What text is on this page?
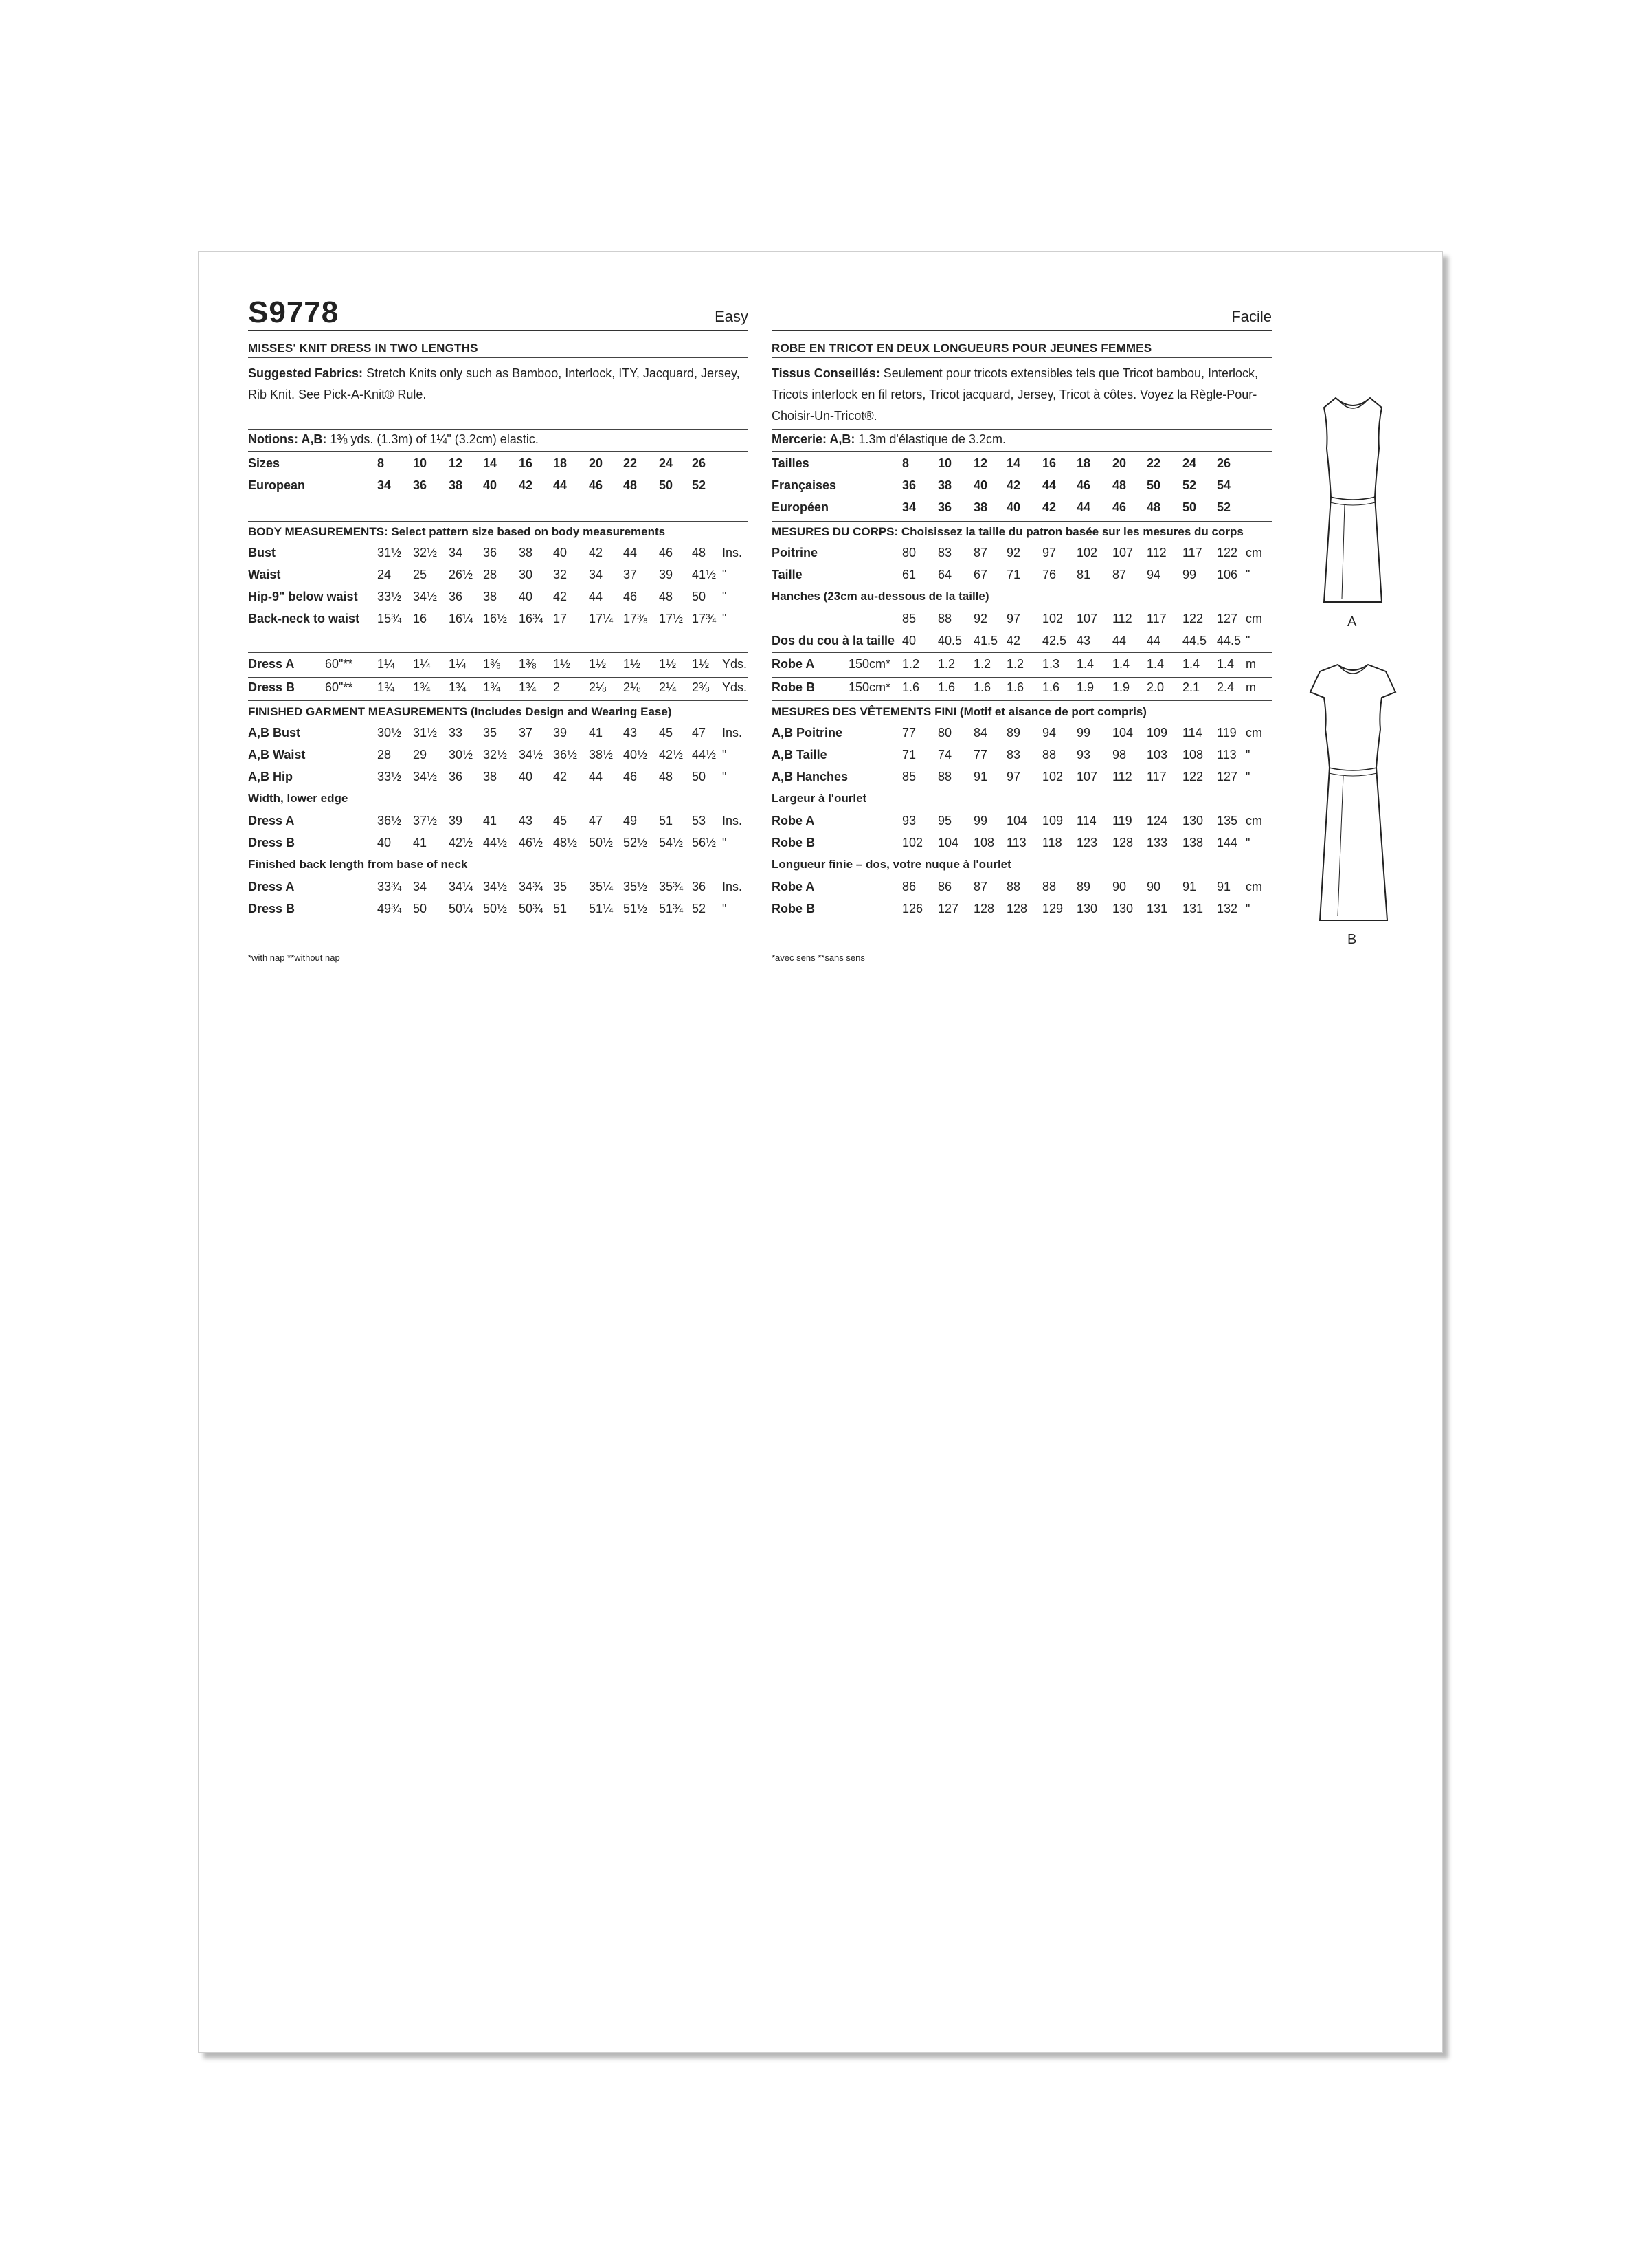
S9778	Easy
MISSES' KNIT DRESS IN TWO LENGTHS
Suggested Fabrics: Stretch Knits only such as Bamboo, Interlock, ITY, Jacquard, Jersey, Rib Knit. See Pick-A-Knit® Rule.
Notions: A,B: 1⅜ yds. (1.3m) of 1¼" (3.2cm) elastic.
Sizes	8 10 12 14 16 18 20 22 24 26
European	34 36 38 40 42 44 46 48 50 52
BODY MEASUREMENTS: Select pattern size based on body measurements
Bust	31½ 32½ 34 36 38 40 42 44 46 48 Ins.
Waist	24 25 26½ 28 30 32 34 37 39 41½ "
Hip-9" below waist 33½ 34½ 36 38 40 42 44 46 48 50 "
Back-neck to waist 15¾ 16 16¼ 16½ 16¾ 17 17¼ 17⅜ 17½ 17¾ "
Dress A 60"** 1¼ 1¼ 1¼ 1⅜ 1⅜ 1½ 1½ 1½ 1½ 1½ Yds.
Dress B 60"** 1¾ 1¾ 1¾ 1¾ 1¾ 2 2⅛ 2⅛ 2¼ 2⅜ Yds.
FINISHED GARMENT MEASUREMENTS (Includes Design and Wearing Ease)
A,B Bust	30½ 31½ 33 35 37 39 41 43 45 47 Ins.
A,B Waist	28 29 30½ 32½ 34½ 36½ 38½ 40½ 42½ 44½ "
A,B Hip	33½ 34½ 36 38 40 42 44 46 48 50 "
Width, lower edge
Dress A	36½ 37½ 39 41 43 45 47 49 51 53 Ins.
Dress B	40 41 42½ 44½ 46½ 48½ 50½ 52½ 54½ 56½ "
Finished back length from base of neck
Dress A	33¾ 34 34¼ 34½ 34¾ 35 35¼ 35½ 35¾ 36 Ins.
Dress B	49¾ 50 50¼ 50½ 50¾ 51 51¼ 51½ 51¾ 52 "
*with nap **without nap
Facile
ROBE EN TRICOT EN DEUX LONGUEURS POUR JEUNES FEMMES
Tissus Conseillés: Seulement pour tricots extensibles tels que Tricot bambou, Interlock, Tricots interlock en fil retors, Tricot jacquard, Jersey, Tricot à côtes. Voyez la Règle-Pour-Choisir-Un-Tricot®.
Mercerie: A,B: 1.3m d'élastique de 3.2cm.
Tailles	8 10 12 14 16 18 20 22 24 26
Françaises	36 38 40 42 44 46 48 50 52 54
Européen	34 36 38 40 42 44 46 48 50 52
MESURES DU CORPS: Choisissez la taille du patron basée sur les mesures du corps
Poitrine	80 83 87 92 97 102 107 112 117 122 cm
Taille	61 64 67 71 76 81 87 94 99 106 "
Hanches (23cm au-dessous de la taille)
85 88 92 97 102 107 112 117 122 127 cm
Dos du cou à la taille 40 40.5 41.5 42 42.5 43 44 44 44.5 44.5 "
Robe A	150cm* 1.2 1.2 1.2 1.2 1.3 1.4 1.4 1.4 1.4 1.4 m
Robe B	150cm* 1.6 1.6 1.6 1.6 1.6 1.9 1.9 2.0 2.1 2.4 m
MESURES DES VÊTEMENTS FINI (Motif et aisance de port compris)
A,B Poitrine	77 80 84 89 94 99 104 109 114 119 cm
A,B Taille	71 74 77 83 88 93 98 103 108 113 "
A,B Hanches	85 88 91 97 102 107 112 117 122 127 "
Largeur à l'ourlet
Robe A	93 95 99 104 109 114 119 124 130 135 cm
Robe B	102 104 108 113 118 123 128 133 138 144 "
Longueur finie – dos, votre nuque à l'ourlet
Robe A	86 86 87 88 88 89 90 90 91 91 cm
Robe B	126 127 128 128 129 130 130 131 131 132 "
*avec sens **sans sens
A
B
